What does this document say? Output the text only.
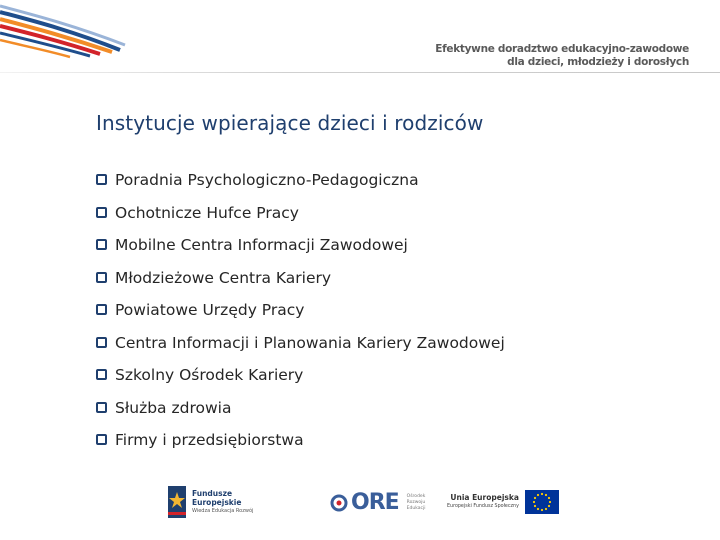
Efektywne doradztwo edukacyjno-zawodowe
dla dzieci, młodzieży i dorosłych
Instytucje wpierające dzieci i rodziców
Poradnia Psychologiczno-Pedagogiczna
Ochotnicze Hufce Pracy
Mobilne Centra Informacji Zawodowej
Młodzieżowe Centra Kariery
Powiatowe Urzędy Pracy
Centra Informacji i Planowania Kariery Zawodowej
Szkolny Ośrodek Kariery
Służba zdrowia
Firmy i przedsiębiorstwa
Fundusze
Europejskie
Wiedza Edukacja Rozwój	ORE Ośrodek
Rozwoju
Edukacji
Unia Europejska
Europejski Fundusz Społeczny
